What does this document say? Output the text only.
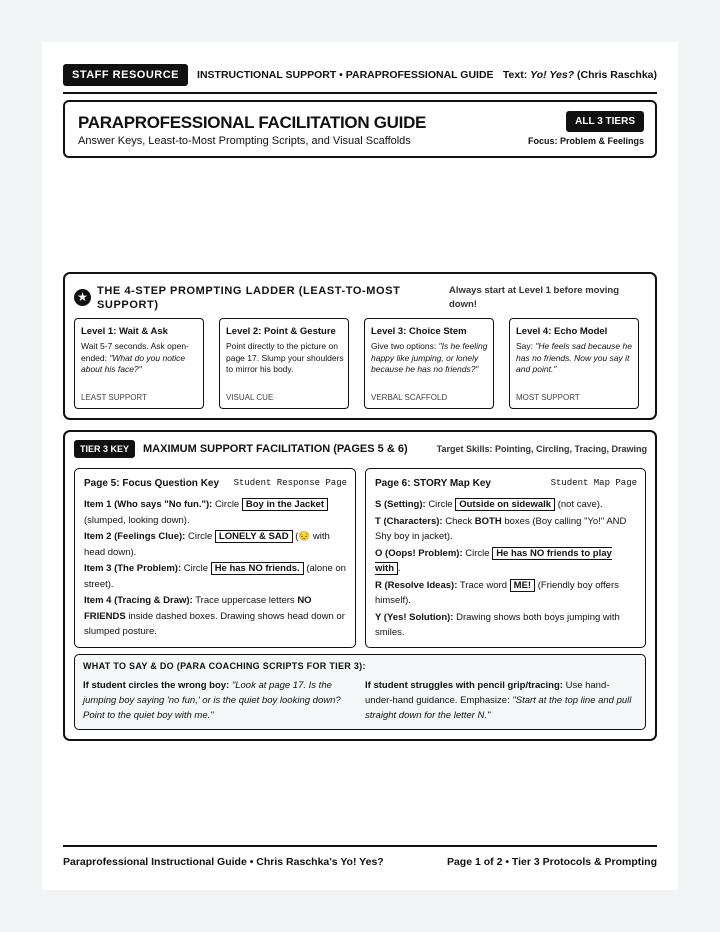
STAFF RESOURCE	INSTRUCTIONAL SUPPORT • PARAPROFESSIONAL GUIDE Text: Yo! Yes? (Chris Raschka)
PARAPROFESSIONAL FACILITATION GUIDE
Answer Keys, Least-to-Most Prompting Scripts, and Visual Scaffolds
ALL 3 TIERS
Focus: Problem & Feelings
★ THE 4-STEP PROMPTING LADDER (LEAST-TO-MOST SUPPORT)
Always start at Level 1 before moving down!
Level 1: Wait & Ask
Wait 5-7 seconds. Ask open-ended: "What do you notice about his face?"
LEAST SUPPORT
Level 2: Point & Gesture
Point directly to the picture on page 17. Slump your shoulders to mirror his body.
VISUAL CUE
Level 3: Choice Stem
Give two options: "Is he feeling happy like jumping, or lonely because he has no friends?"
VERBAL SCAFFOLD
Level 4: Echo Model
Say: "He feels sad because he has no friends. Now you say it and point."
MOST SUPPORT
TIER 3 KEY	MAXIMUM SUPPORT FACILITATION (PAGES 5 & 6)	Target Skills: Pointing, Circling, Tracing, Drawing
Page 5: Focus Question Key Student Response Page

Item 1 (Who says "No fun."): Circle Boy in the Jacket (slumped, looking down).

Item 2 (Feelings Clue): Circle LONELY & SAD (😔 with head down).

Item 3 (The Problem): Circle He has NO friends. (alone on street).

Item 4 (Tracing & Draw): Trace uppercase letters NO FRIENDS inside dashed boxes. Drawing shows head down or slumped posture.

Page 6: STORY Map Key	Student Map Page

S (Setting): Circle Outside on sidewalk (not cave).

T (Characters): Check BOTH boxes (Boy calling "Yo!" AND Shy boy in jacket).

O (Oops! Problem): Circle He has NO friends to play with .

R (Resolve Ideas): Trace word ME! (Friendly boy offers himself).

Y (Yes! Solution): Drawing shows both boys jumping with smiles.

WHAT TO SAY & DO (PARA COACHING SCRIPTS FOR TIER 3):
If student circles the wrong boy: "Look at page 17. Is the jumping boy saying 'no fun,' or is the quiet boy looking down? Point to the quiet boy with me."
If student struggles with pencil grip/tracing: Use hand-under-hand guidance. Emphasize: "Start at the top line and pull straight down for the letter N."
Paraprofessional Instructional Guide • Chris Raschka's Yo! Yes?	Page 1 of 2 • Tier 3 Protocols & Prompting
